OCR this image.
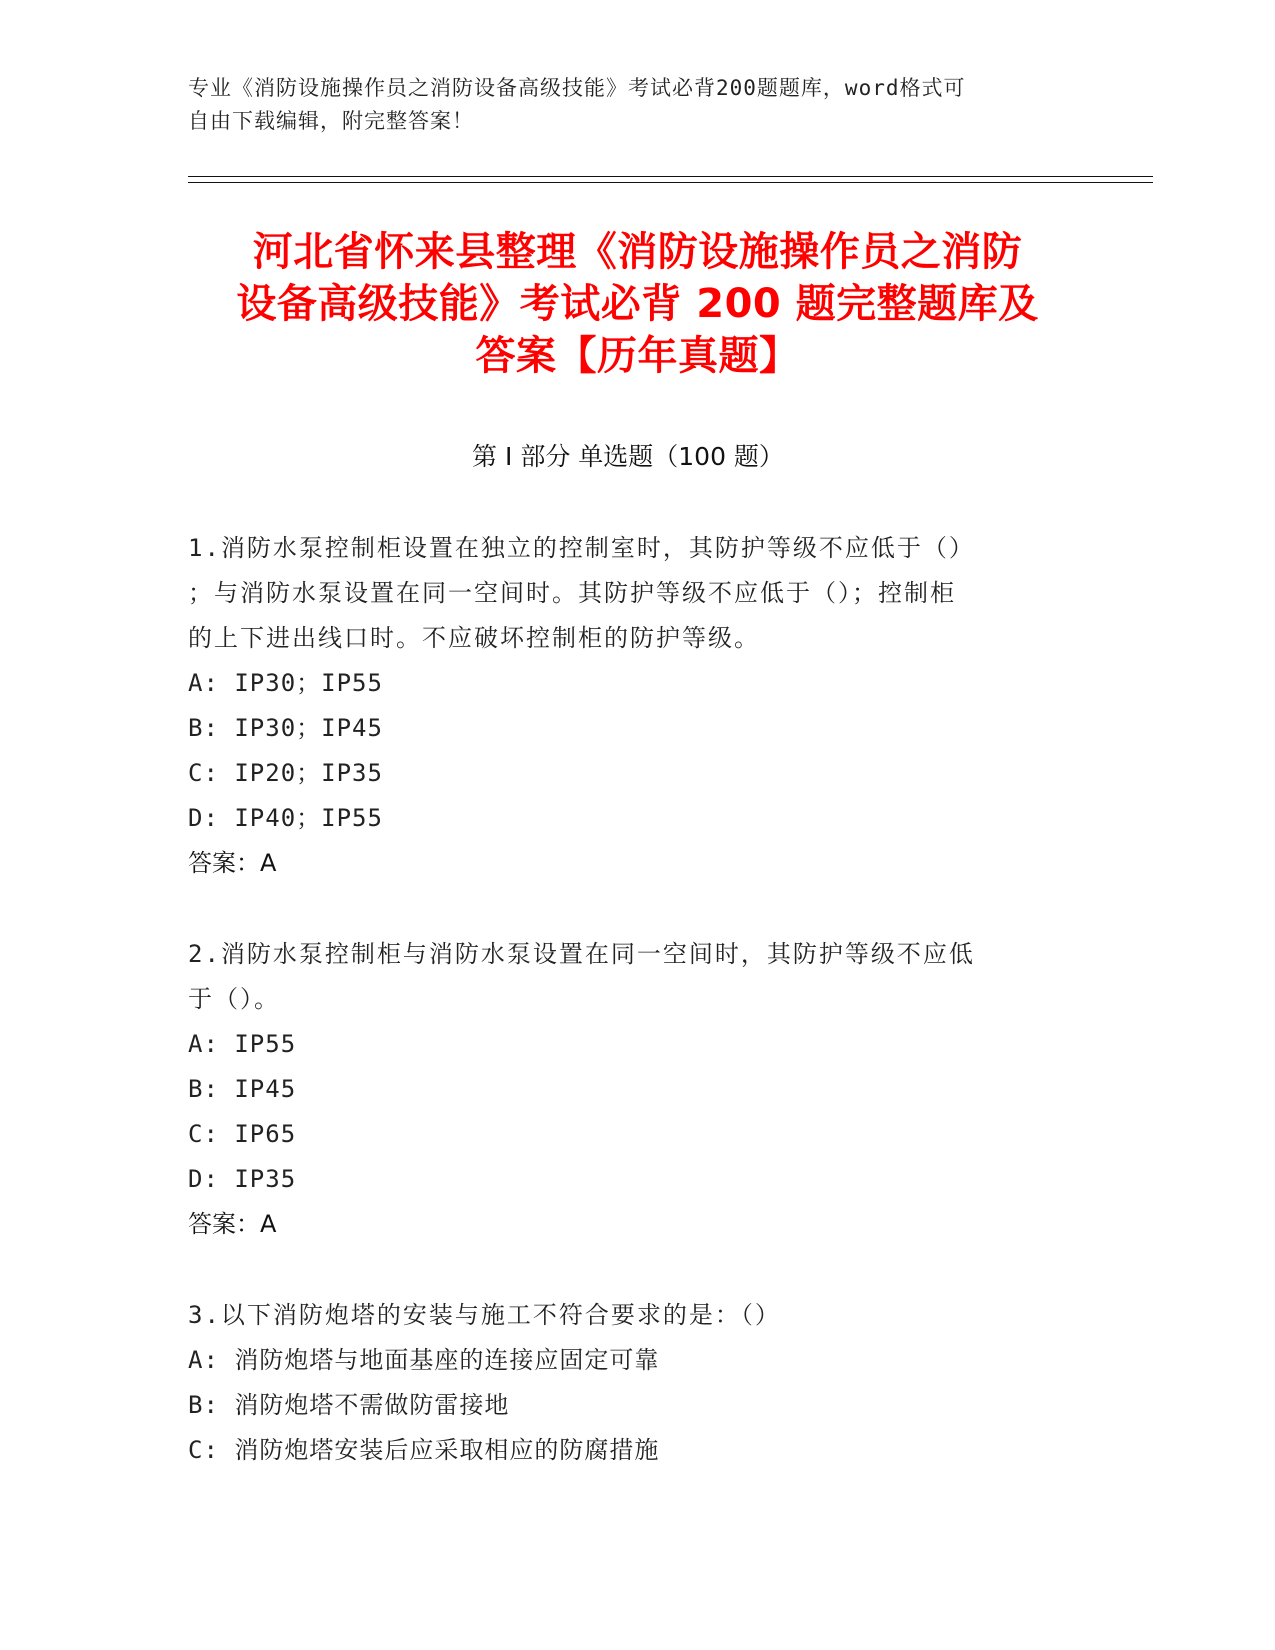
专业《消防设施操作员之消防设备高级技能》考试必背200题题库，word格式可
自由下载编辑，附完整答案！
河北省怀来县整理《消防设施操作员之消防
设备高级技能》考试必背 200 题完整题库及
答案【历年真题】
第 I 部分 单选题（100 题）
1.消防水泵控制柜设置在独立的控制室时，其防护等级不应低于（）
；与消防水泵设置在同一空间时。其防护等级不应低于（）；控制柜
的上下进出线口时。不应破坏控制柜的防护等级。
A: IP30；IP55
B: IP30；IP45
C: IP20；IP35
D: IP40；IP55
答案：A
2.消防水泵控制柜与消防水泵设置在同一空间时，其防护等级不应低
于（）。
A: IP55
B: IP45
C: IP65
D: IP35
答案：A
3.以下消防炮塔的安装与施工不符合要求的是：（）
A: 消防炮塔与地面基座的连接应固定可靠
B: 消防炮塔不需做防雷接地
C: 消防炮塔安装后应采取相应的防腐措施
